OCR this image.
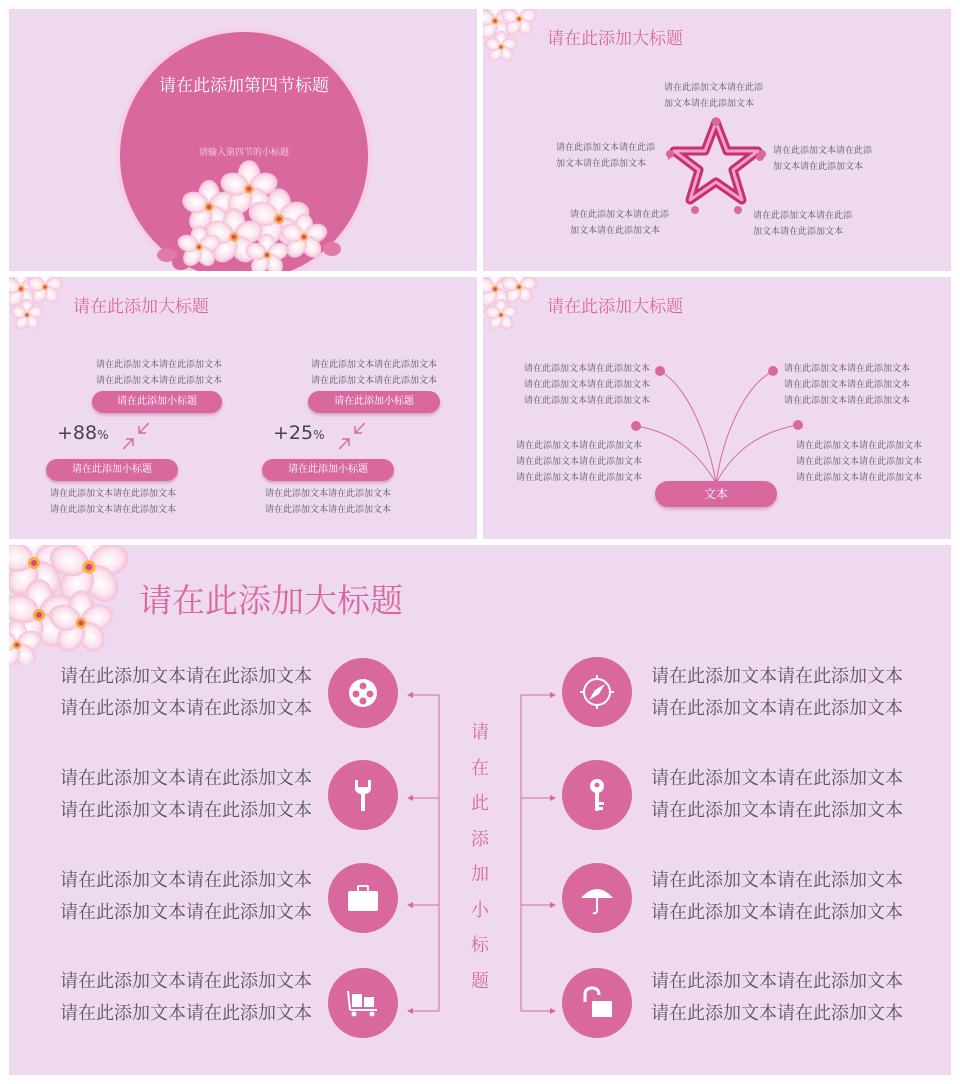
请在此添加第四节标题
请输入第四节的小标题
请在此添加大标题
请在此添加文本请在此添
加文本请在此添加文本
请在此添加文本请在此添
加文本请在此添加文本
请在此添加文本请在此添
加文本请在此添加文本
请在此添加文本请在此添
加文本请在此添加文本
请在此添加文本请在此添
加文本请在此添加文本
请在此添加大标题
请在此添加文本请在此添加文本
请在此添加文本请在此添加文本
请在此添加小标题
+88%
请在此添加小标题
请在此添加文本请在此添加文本
请在此添加文本请在此添加文本
请在此添加文本请在此添加文本
请在此添加文本请在此添加文本
请在此添加小标题
+25%
请在此添加小标题
请在此添加文本请在此添加文本
请在此添加文本请在此添加文本
请在此添加大标题
请在此添加文本请在此添加文本
请在此添加文本请在此添加文本
请在此添加文本请在此添加文本
请在此添加文本请在此添加文本
请在此添加文本请在此添加文本
请在此添加文本请在此添加文本
请在此添加文本请在此添加文本
请在此添加文本请在此添加文本
请在此添加文本请在此添加文本
请在此添加文本请在此添加文本
请在此添加文本请在此添加文本
请在此添加文本请在此添加文本
文本
请在此添加大标题
请
在
此
添
加
小
标
题
请在此添加文本请在此添加文本
请在此添加文本请在此添加文本
请在此添加文本请在此添加文本
请在此添加文本请在此添加文本
请在此添加文本请在此添加文本
请在此添加文本请在此添加文本
请在此添加文本请在此添加文本
请在此添加文本请在此添加文本
请在此添加文本请在此添加文本
请在此添加文本请在此添加文本
请在此添加文本请在此添加文本
请在此添加文本请在此添加文本
请在此添加文本请在此添加文本
请在此添加文本请在此添加文本
请在此添加文本请在此添加文本
请在此添加文本请在此添加文本
